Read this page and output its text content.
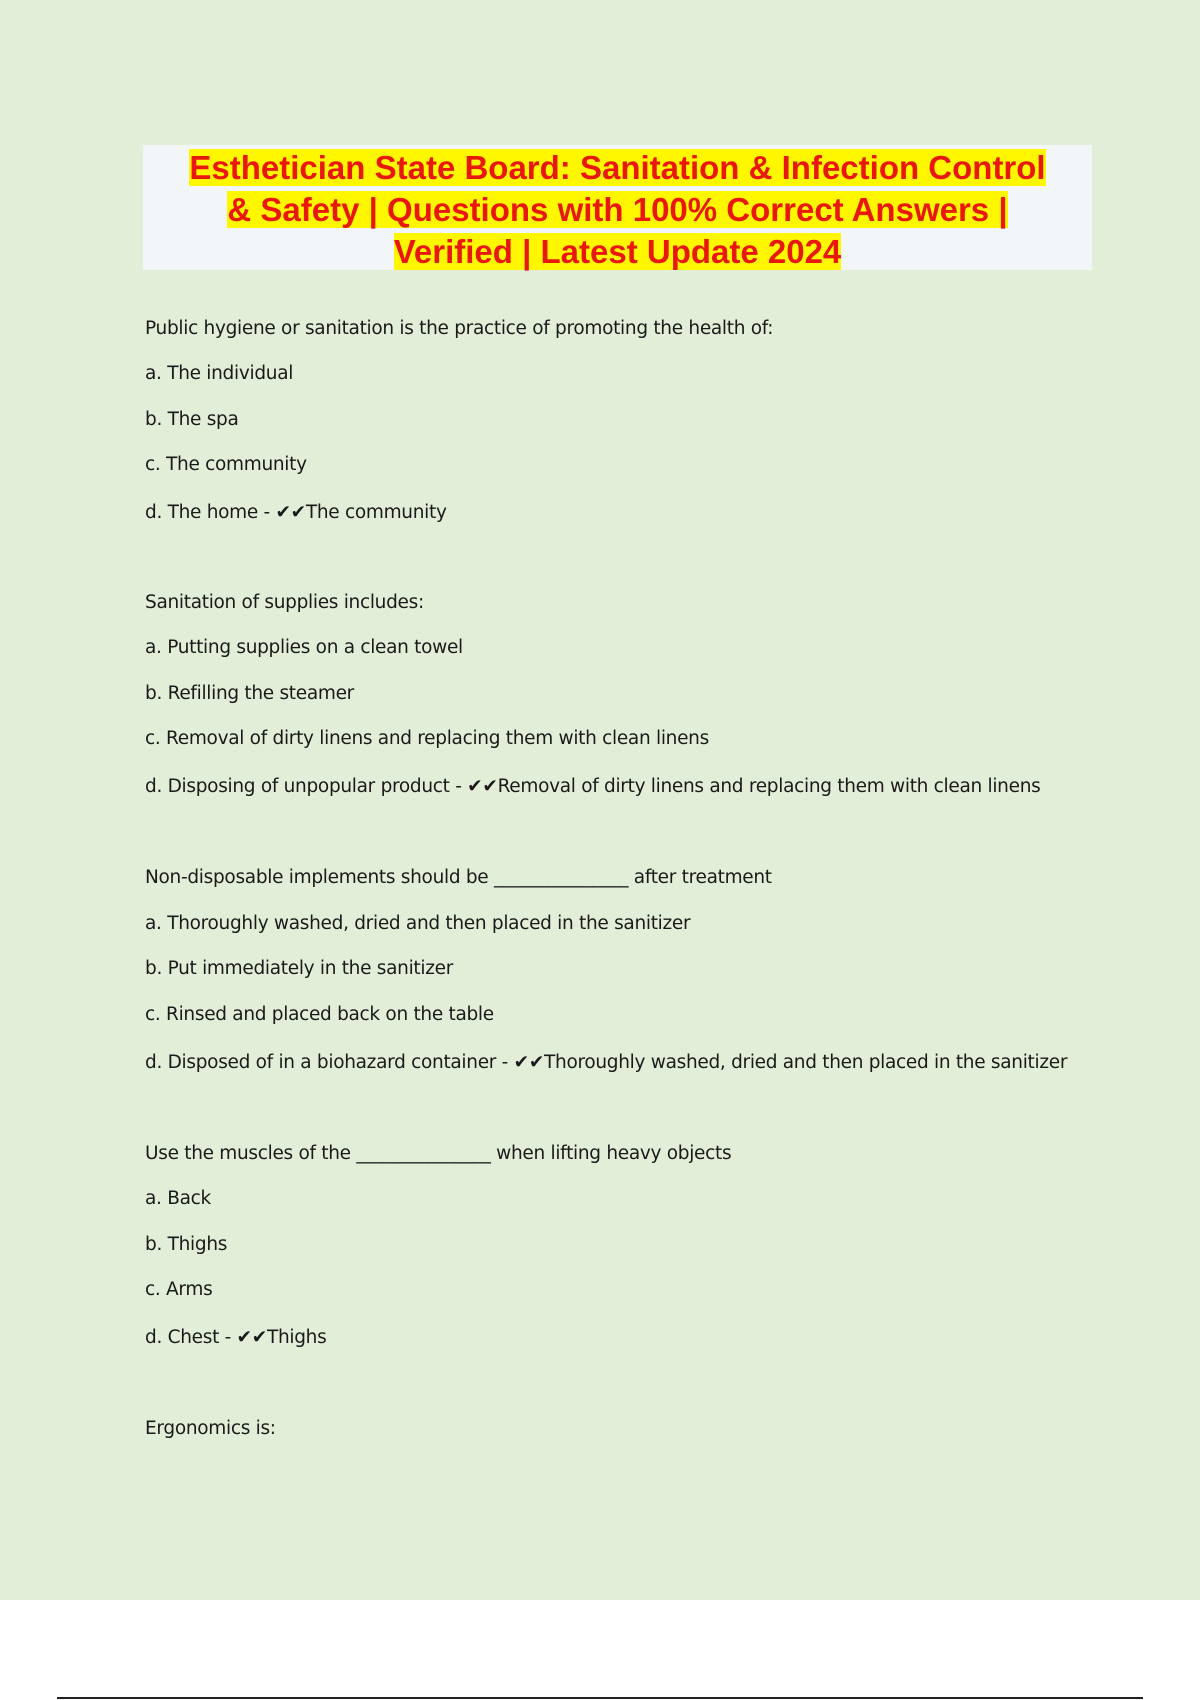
Esthetician State Board: Sanitation & Infection Control
& Safety | Questions with 100% Correct Answers |
Verified | Latest Update 2024
Public hygiene or sanitation is the practice of promoting the health of:
a. The individual
b. The spa
c. The community
d. The home - ✔✔The community
Sanitation of supplies includes:
a. Putting supplies on a clean towel
b. Refilling the steamer
c. Removal of dirty linens and replacing them with clean linens
d. Disposing of unpopular product - ✔✔Removal of dirty linens and replacing them with clean linens
Non-disposable implements should be _______________ after treatment
a. Thoroughly washed, dried and then placed in the sanitizer
b. Put immediately in the sanitizer
c. Rinsed and placed back on the table
d. Disposed of in a biohazard container - ✔✔Thoroughly washed, dried and then placed in the sanitizer
Use the muscles of the _______________ when lifting heavy objects
a. Back
b. Thighs
c. Arms
d. Chest - ✔✔Thighs
Ergonomics is:
